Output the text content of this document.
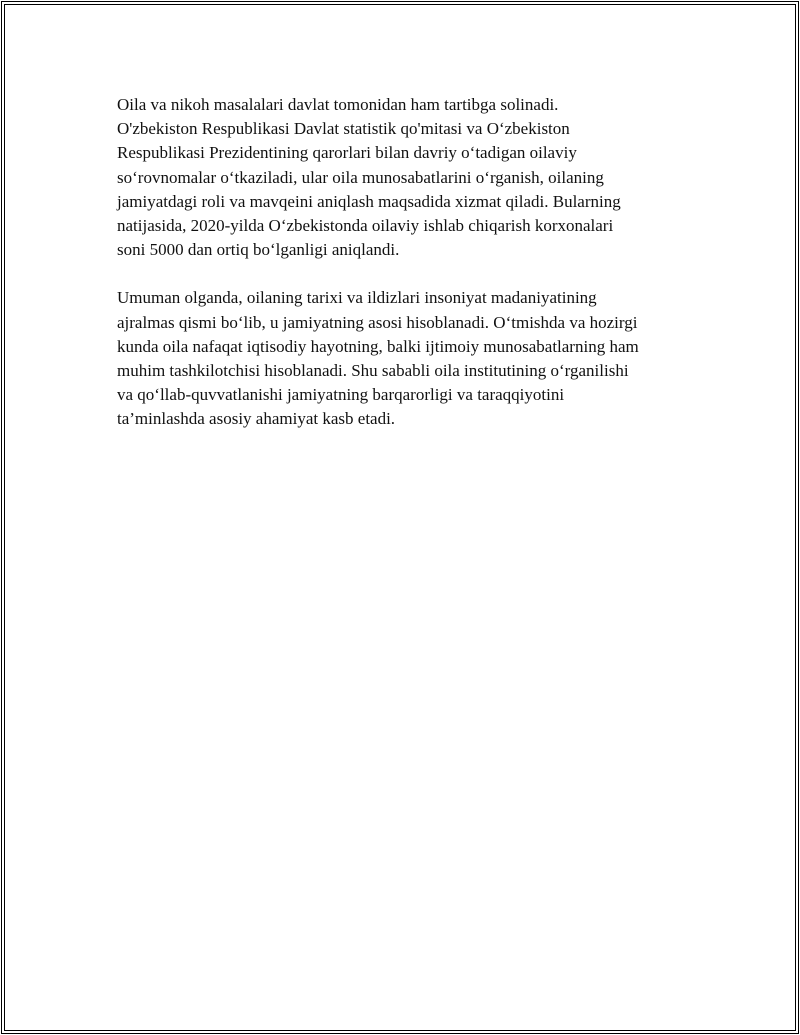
Oila va nikoh masalalari davlat tomonidan ham tartibga solinadi.
O'zbekiston Respublikasi Davlat statistik qo'mitasi va O‘zbekiston
Respublikasi Prezidentining qarorlari bilan davriy o‘tadigan oilaviy
so‘rovnomalar o‘tkaziladi, ular oila munosabatlarini o‘rganish, oilaning
jamiyatdagi roli va mavqeini aniqlash maqsadida xizmat qiladi. Bularning
natijasida, 2020-yilda O‘zbekistonda oilaviy ishlab chiqarish korxonalari
soni 5000 dan ortiq bo‘lganligi aniqlandi.

Umuman olganda, oilaning tarixi va ildizlari insoniyat madaniyatining
ajralmas qismi bo‘lib, u jamiyatning asosi hisoblanadi. O‘tmishda va hozirgi
kunda oila nafaqat iqtisodiy hayotning, balki ijtimoiy munosabatlarning ham
muhim tashkilotchisi hisoblanadi. Shu sababli oila institutining o‘rganilishi
va qo‘llab-quvvatlanishi jamiyatning barqarorligi va taraqqiyotini
ta’minlashda asosiy ahamiyat kasb etadi.
